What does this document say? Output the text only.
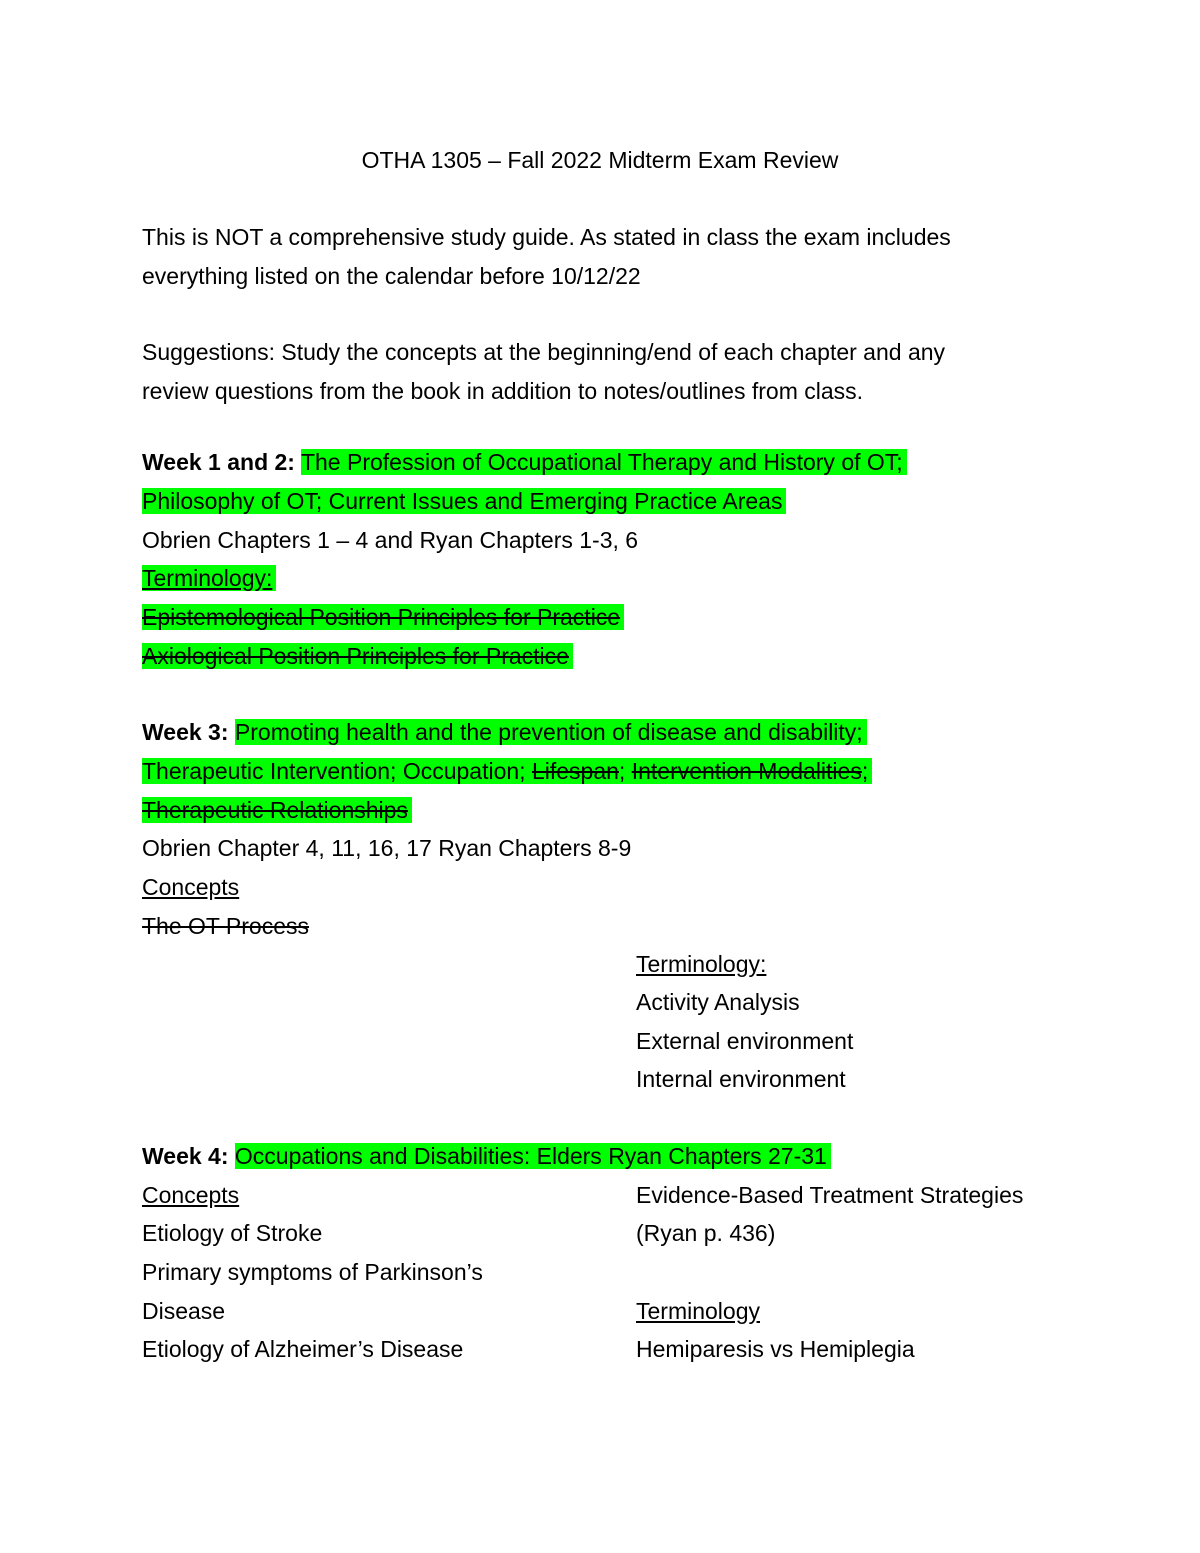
OTHA 1305 – Fall 2022 Midterm Exam Review
This is NOT a comprehensive study guide. As stated in class the exam includes
everything listed on the calendar before 10/12/22
Suggestions: Study the concepts at the beginning/end of each chapter and any
review questions from the book in addition to notes/outlines from class.
Week 1 and 2: The Profession of Occupational Therapy and History of OT;
Philosophy of OT; Current Issues and Emerging Practice Areas
Obrien Chapters 1 – 4 and Ryan Chapters 1-3, 6
Terminology:
Epistemological Position Principles for Practice
Axiological Position Principles for Practice
Week 3: Promoting health and the prevention of disease and disability;
Therapeutic Intervention; Occupation; Lifespan; Intervention Modalities;
Therapeutic Relationships
Obrien Chapter 4, 11, 16, 17 Ryan Chapters 8-9
Concepts
The OT Process
Terminology:
Activity Analysis
External environment
Internal environment
Week 4: Occupations and Disabilities: Elders Ryan Chapters 27-31
Concepts
Etiology of Stroke
Primary symptoms of Parkinson’s
Disease
Etiology of Alzheimer’s Disease
Evidence-Based Treatment Strategies
(Ryan p. 436)
Terminology
Hemiparesis vs Hemiplegia
